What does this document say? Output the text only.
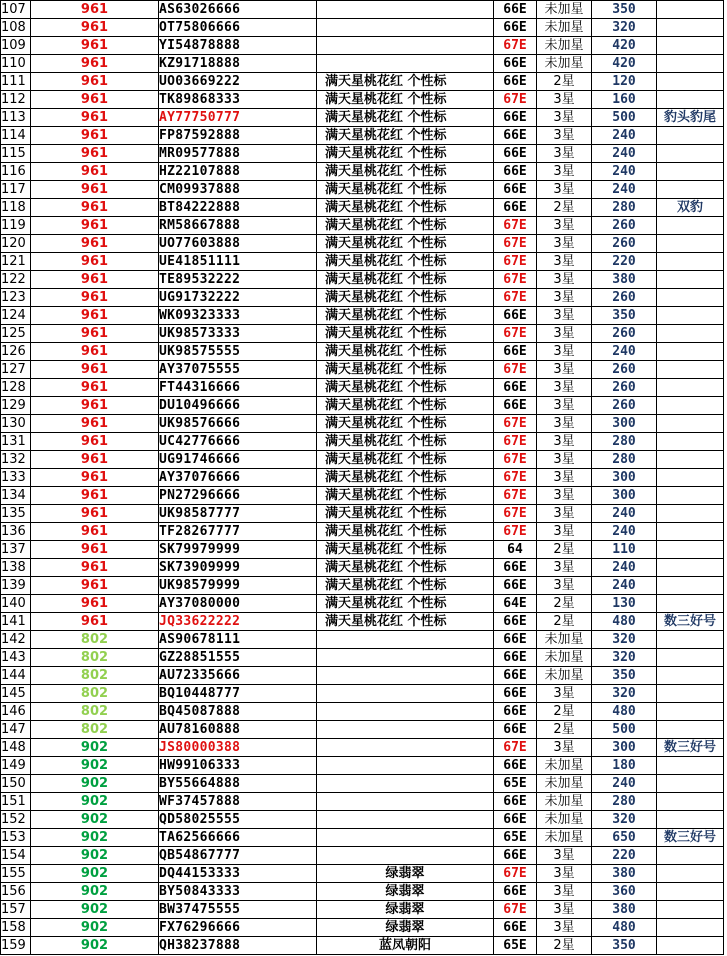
107	961	AS63026666		66E	未加星	350	
108	961	OT75806666		66E	未加星	320	
109	961	YI54878888		67E	未加星	420	
110	961	KZ91718888		66E	未加星	420	
111	961	UO03669222	满天星桃花红 个性标	66E	2星	120	
112	961	TK89868333	满天星桃花红 个性标	67E	3星	160	
113	961	AY77750777	满天星桃花红 个性标	66E	3星	500	豹头豹尾
114	961	FP87592888	满天星桃花红 个性标	66E	3星	240	
115	961	MR09577888	满天星桃花红 个性标	66E	3星	240	
116	961	HZ22107888	满天星桃花红 个性标	66E	3星	240	
117	961	CM09937888	满天星桃花红 个性标	66E	3星	240	
118	961	BT84222888	满天星桃花红 个性标	66E	2星	280	双豹
119	961	RM58667888	满天星桃花红 个性标	67E	3星	260	
120	961	UO77603888	满天星桃花红 个性标	67E	3星	260	
121	961	UE41851111	满天星桃花红 个性标	67E	3星	220	
122	961	TE89532222	满天星桃花红 个性标	67E	3星	380	
123	961	UG91732222	满天星桃花红 个性标	67E	3星	260	
124	961	WK09323333	满天星桃花红 个性标	66E	3星	350	
125	961	UK98573333	满天星桃花红 个性标	67E	3星	260	
126	961	UK98575555	满天星桃花红 个性标	66E	3星	240	
127	961	AY37075555	满天星桃花红 个性标	67E	3星	260	
128	961	FT44316666	满天星桃花红 个性标	66E	3星	260	
129	961	DU10496666	满天星桃花红 个性标	66E	3星	260	
130	961	UK98576666	满天星桃花红 个性标	67E	3星	300	
131	961	UC42776666	满天星桃花红 个性标	67E	3星	280	
132	961	UG91746666	满天星桃花红 个性标	67E	3星	280	
133	961	AY37076666	满天星桃花红 个性标	67E	3星	300	
134	961	PN27296666	满天星桃花红 个性标	67E	3星	300	
135	961	UK98587777	满天星桃花红 个性标	67E	3星	240	
136	961	TF28267777	满天星桃花红 个性标	67E	3星	240	
137	961	SK79979999	满天星桃花红 个性标	64	2星	110	
138	961	SK73909999	满天星桃花红 个性标	66E	3星	240	
139	961	UK98579999	满天星桃花红 个性标	66E	3星	240	
140	961	AY37080000	满天星桃花红 个性标	64E	2星	130	
141	961	JQ33622222	满天星桃花红 个性标	66E	2星	480	数三好号
142	802	AS90678111		66E	未加星	320	
143	802	GZ28851555		66E	未加星	320	
144	802	AU72335666		66E	未加星	350	
145	802	BQ10448777		66E	3星	320	
146	802	BQ45087888		66E	2星	480	
147	802	AU78160888		66E	2星	500	
148	902	JS80000388		67E	3星	300	数三好号
149	902	HW99106333		66E	未加星	180	
150	902	BY55664888		65E	未加星	240	
151	902	WF37457888		66E	未加星	280	
152	902	QD58025555		66E	未加星	320	
153	902	TA62566666		65E	未加星	650	数三好号
154	902	QB54867777		66E	3星	220	
155	902	DQ44153333	绿翡翠	67E	3星	380	
156	902	BY50843333	绿翡翠	66E	3星	360	
157	902	BW37475555	绿翡翠	67E	3星	380	
158	902	FX76296666	绿翡翠	66E	3星	480	
159	902	QH38237888	蓝凤朝阳	65E	2星	350	
